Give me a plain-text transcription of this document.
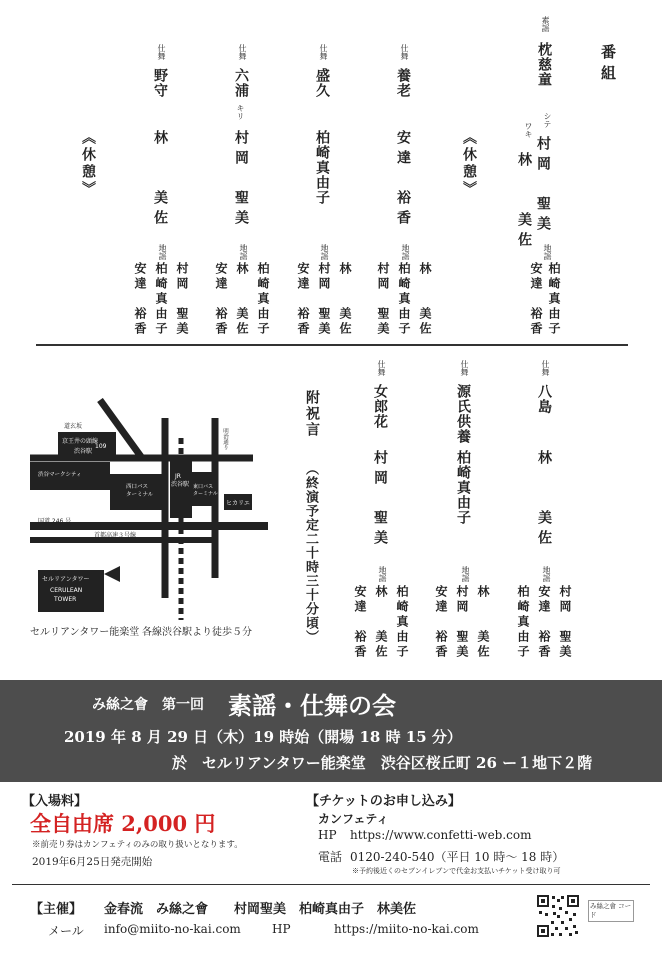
番組
素謡
枕慈童
シテ
村岡　聖美
ワキ
林　　美佐 地謡
柏崎真由子
安達　裕香
《休憩》
仕舞
養老
安達　裕香
地謡
林　　美佐
柏崎真由子
村岡　聖美
仕舞
盛久
柏崎真由子
地謡
林　　美佐
村岡　聖美
安達　裕香
仕舞
六浦
キリ
村岡　聖美
地謡
柏崎真由子
林　　美佐
安達　裕香
仕舞
野守
林　　美佐
地謡
村岡　聖美
柏崎真由子
安達　裕香
《休憩》
仕舞
八島
林　　美佐
地謡
村岡　聖美
安達　裕香
柏崎真由子
仕舞
源氏供養
柏崎真由子
地謡
林　　美佐
村岡　聖美
安達　裕香
仕舞
女郎花
村岡　聖美
地謡
柏崎真由子
林　　美佐
安達　裕香
附祝言
（終演予定二十時三十分頃）
109
道玄坂
京王井の頭線
渋谷駅
渋谷マークシティ
西口バス
ターミナル
JR
渋谷駅 東口バス
ターミナル
明治通り
ヒカリエ
国道 246 号
首都高速３号線
セルリアンタワー
CERULEAN
TOWER
セルリアンタワー能楽堂 各線渋谷駅より徒歩５分
み絲之會　第一回 素謡・仕舞の会
2019 年 8 月 29 日（木）19 時始（開場 18 時 15 分）
於　セルリアンタワー能楽堂　渋谷区桜丘町 26 ー１地下２階
【入場料】
全自由席 2,000 円
※前売り券はカンフェティのみの取り扱いとなります。
2019年6月25日発売開始
【チケットのお申し込み】
カンフェティ
HP https://www.confetti-web.com
電話 0120-240-540（平日 10 時～ 18 時）
※予約後近くのセブンイレブンで代金お支払いチケット受け取り可
【主催】 金春流　み絲之會　　村岡聖美　柏崎真由子　林美佐
メール info@miito-no-kai.com	HP	https://miito-no-kai.com
み絲之會 コード
